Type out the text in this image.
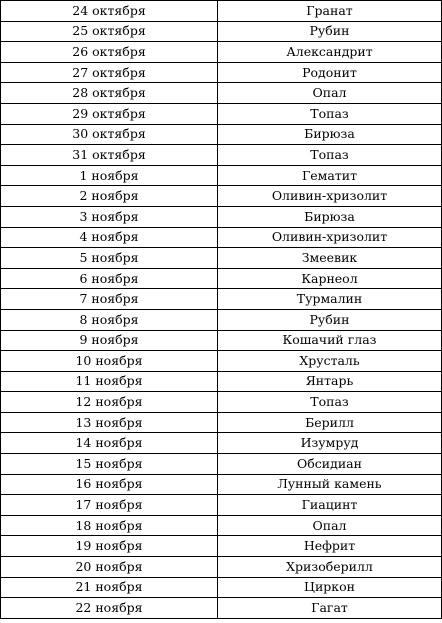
24 октября	Гранат
25 октября	Рубин
26 октября	Александрит
27 октября	Родонит
28 октября	Опал
29 октября	Топаз
30 октября	Бирюза
31 октября	Топаз
1 ноября	Гематит
2 ноября	Оливин-хризолит
3 ноября	Бирюза
4 ноября	Оливин-хризолит
5 ноября	Змеевик
6 ноября	Карнеол
7 ноября	Турмалин
8 ноября	Рубин
9 ноября	Кошачий глаз
10 ноября	Хрусталь
11 ноября	Янтарь
12 ноября	Топаз
13 ноября	Берилл
14 ноября	Изумруд
15 ноября	Обсидиан
16 ноября	Лунный камень
17 ноября	Гиацинт
18 ноября	Опал
19 ноября	Нефрит
20 ноября	Хризоберилл
21 ноября	Циркон
22 ноября	Гагат
